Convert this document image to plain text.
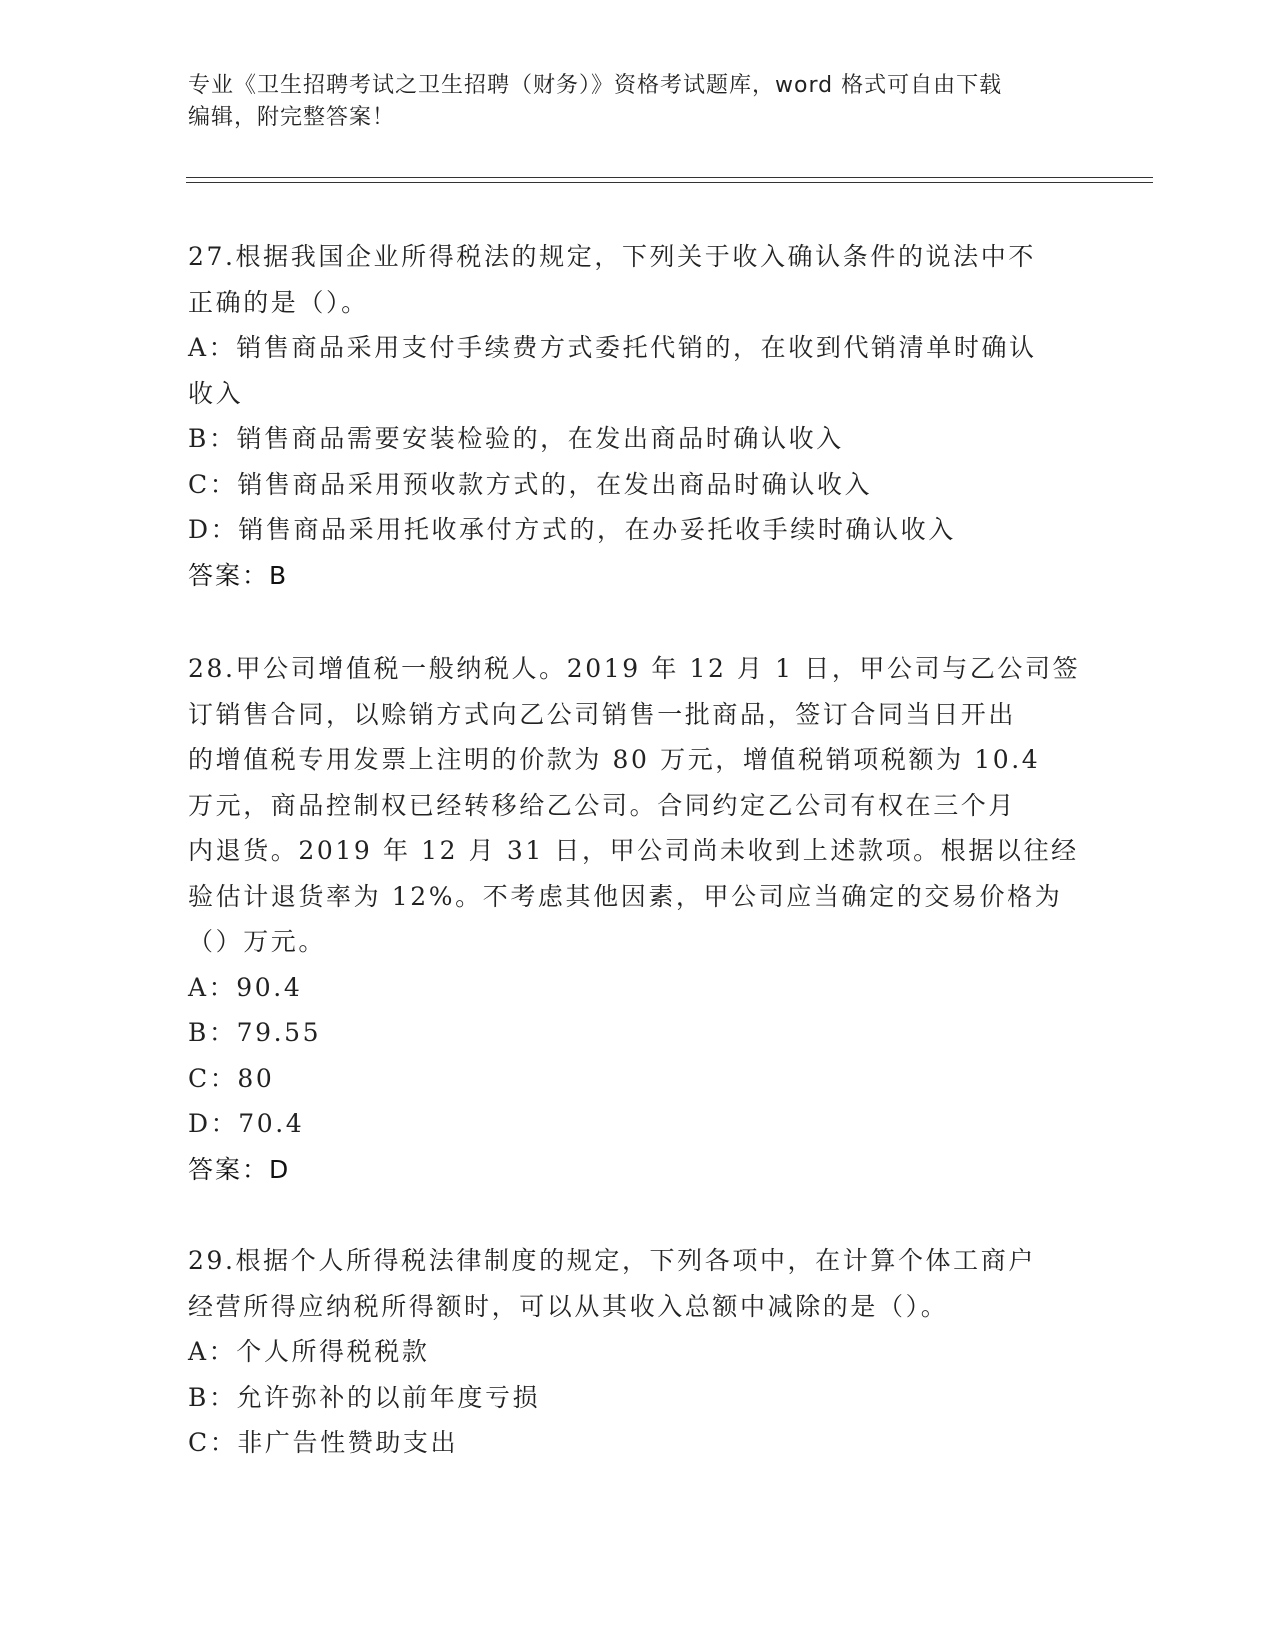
专业《卫生招聘考试之卫生招聘（财务）》资格考试题库，word 格式可自由下载
编辑，附完整答案！
27.根据我国企业所得税法的规定，下列关于收入确认条件的说法中不
正确的是（）。
A：销售商品采用支付手续费方式委托代销的，在收到代销清单时确认
收入
B：销售商品需要安装检验的，在发出商品时确认收入
C：销售商品采用预收款方式的，在发出商品时确认收入
D：销售商品采用托收承付方式的，在办妥托收手续时确认收入
答案：B
28.甲公司增值税一般纳税人。2019 年 12 月 1 日，甲公司与乙公司签
订销售合同，以赊销方式向乙公司销售一批商品，签订合同当日开出
的增值税专用发票上注明的价款为 80 万元，增值税销项税额为 10.4
万元，商品控制权已经转移给乙公司。合同约定乙公司有权在三个月
内退货。2019 年 12 月 31 日，甲公司尚未收到上述款项。根据以往经
验估计退货率为 12%。不考虑其他因素，甲公司应当确定的交易价格为
（）万元。
A：90.4
B：79.55
C：80
D：70.4
答案：D
29.根据个人所得税法律制度的规定，下列各项中，在计算个体工商户
经营所得应纳税所得额时，可以从其收入总额中减除的是（）。
A：个人所得税税款
B：允许弥补的以前年度亏损
C：非广告性赞助支出
